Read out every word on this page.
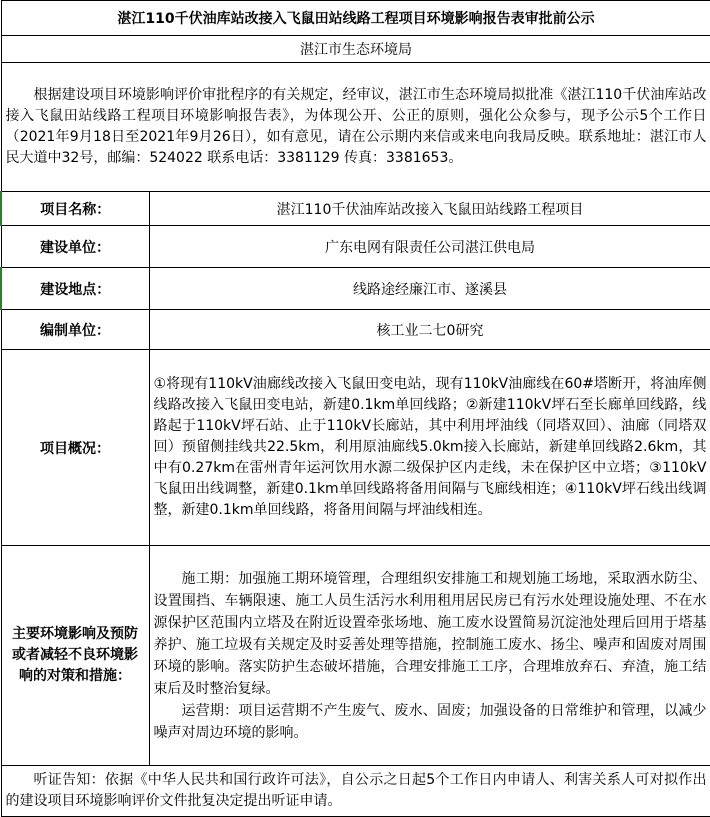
湛江110千伏油库站改接入飞鼠田站线路工程项目环境影响报告表审批前公示	
湛江市生态环境局	
根据建设项目环境影响评价审批程序的有关规定，经审议，湛江市生态环境局拟批准《湛江110千伏油库站改接入飞鼠田站线路工程项目环境影响报告表》，为体现公开、公正的原则，强化公众参与，现予公示5个工作日（2021年9月18日至2021年9月26日），如有意见，请在公示期内来信或来电向我局反映。联系地址：湛江市人民大道中32号，邮编：524022 联系电话：3381129 传真：3381653。	
项目名称：	湛江110千伏油库站改接入飞鼠田站线路工程项目
建设单位：	广东电网有限责任公司湛江供电局
建设地点：	线路途经廉江市、遂溪县
编制单位：	核工业二七0研究
项目概况：	①将现有110kV油廊线改接入飞鼠田变电站，现有110kV油廊线在60#塔断开，将油库侧线路改接入飞鼠田变电站，新建0.1km单回线路；②新建110kV坪石至长廊单回线路，线路起于110kV坪石站、止于110kV长廊站，其中利用坪油线（同塔双回）、油廊（同塔双回）预留侧挂线共22.5km，利用原油廊线5.0km接入长廊站，新建单回线路2.6km，其中有0.27km在雷州青年运河饮用水源二级保护区内走线，未在保护区中立塔；③110kV飞鼠田出线调整，新建0.1km单回线路将备用间隔与飞廊线相连；④110kV坪石线出线调整，新建0.1km单回线路，将备用间隔与坪油线相连。
主要环境影响及预防或者减轻不良环境影响的对策和措施：	施工期：加强施工期环境管理，合理组织安排施工和规划施工场地，采取洒水防尘、设置围挡、车辆限速、施工人员生活污水利用租用居民房已有污水处理设施处理、不在水源保护区范围内立塔及在附近设置牵张场地、施工废水设置简易沉淀池处理后回用于塔基养护、施工垃圾有关规定及时妥善处理等措施，控制施工废水、扬尘、噪声和固废对周围环境的影响。落实防护生态破坏措施，合理安排施工工序，合理堆放弃石、弃渣，施工结束后及时整治复绿。

运营期：项目运营期不产生废气、废水、固废；加强设备的日常维护和管理，以减少噪声对周边环境的影响。

听证告知：依据《中华人民共和国行政许可法》，自公示之日起5个工作日内申请人、利害关系人可对拟作出的建设项目环境影响评价文件批复决定提出听证申请。	
